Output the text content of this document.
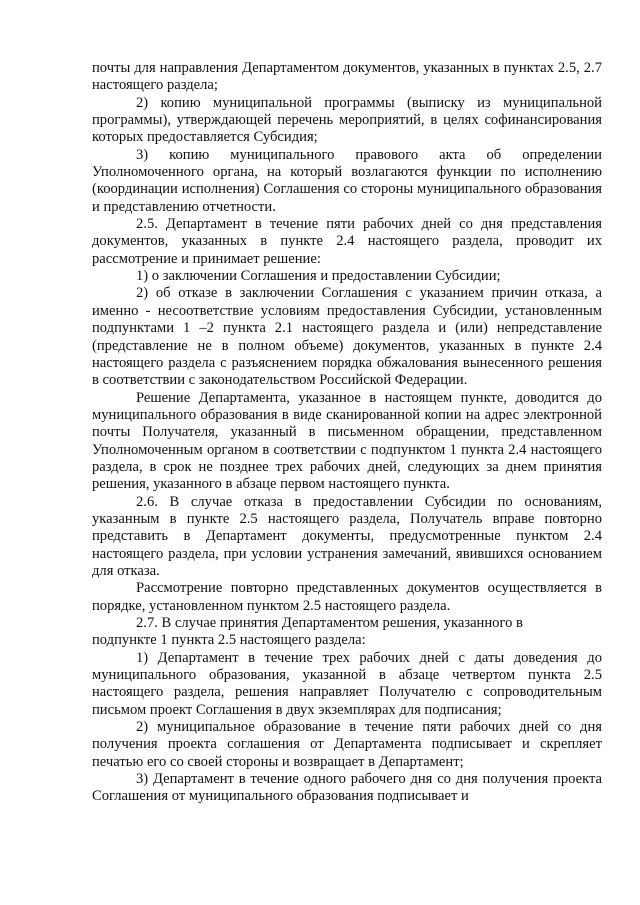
почты для направления Департаментом документов, указанных в пунктах 2.5, 2.7 настоящего раздела;

2) копию муниципальной программы (выписку из муниципальной программы), утверждающей перечень мероприятий, в целях софинансирования которых предоставляется Субсидия;

3) копию муниципального правового акта об определении Уполномоченного органа, на который возлагаются функции по исполнению (координации исполнения) Соглашения со стороны муниципального образования и представлению отчетности.

2.5. Департамент в течение пяти рабочих дней со дня представления документов, указанных в пункте 2.4 настоящего раздела, проводит их рассмотрение и принимает решение:

1) о заключении Соглашения и предоставлении Субсидии;

2) об отказе в заключении Соглашения с указанием причин отказа, а именно - несоответствие условиям предоставления Субсидии, установленным подпунктами 1 –2 пункта 2.1 настоящего раздела и (или) непредставление (представление не в полном объеме) документов, указанных в пункте 2.4 настоящего раздела с разъяснением порядка обжалования вынесенного решения в соответствии с законодательством Российской Федерации.

Решение Департамента, указанное в настоящем пункте, доводится до муниципального образования в виде сканированной копии на адрес электронной почты Получателя, указанный в письменном обращении, представленном Уполномоченным органом в соответствии с подпунктом 1 пункта 2.4 настоящего раздела, в срок не позднее трех рабочих дней, следующих за днем принятия решения, указанного в абзаце первом настоящего пункта.

2.6. В случае отказа в предоставлении Субсидии по основаниям, указанным в пункте 2.5 настоящего раздела, Получатель вправе повторно представить в Департамент документы, предусмотренные пунктом 2.4 настоящего раздела, при условии устранения замечаний, явившихся основанием для отказа.

Рассмотрение повторно представленных документов осуществляется в порядке, установленном пунктом 2.5 настоящего раздела.

2.7. В случае принятия Департаментом решения, указанного в

подпункте 1 пункта 2.5 настоящего раздела:

1) Департамент в течение трех рабочих дней с даты доведения до муниципального образования, указанной в абзаце четвертом пункта 2.5 настоящего раздела, решения направляет Получателю с сопроводительным письмом проект Соглашения в двух экземплярах для подписания;

2) муниципальное образование в течение пяти рабочих дней со дня получения проекта соглашения от Департамента подписывает и скрепляет печатью его со своей стороны и возвращает в Департамент;

3) Департамент в течение одного рабочего дня со дня получения проекта Соглашения от муниципального образования подписывает и
